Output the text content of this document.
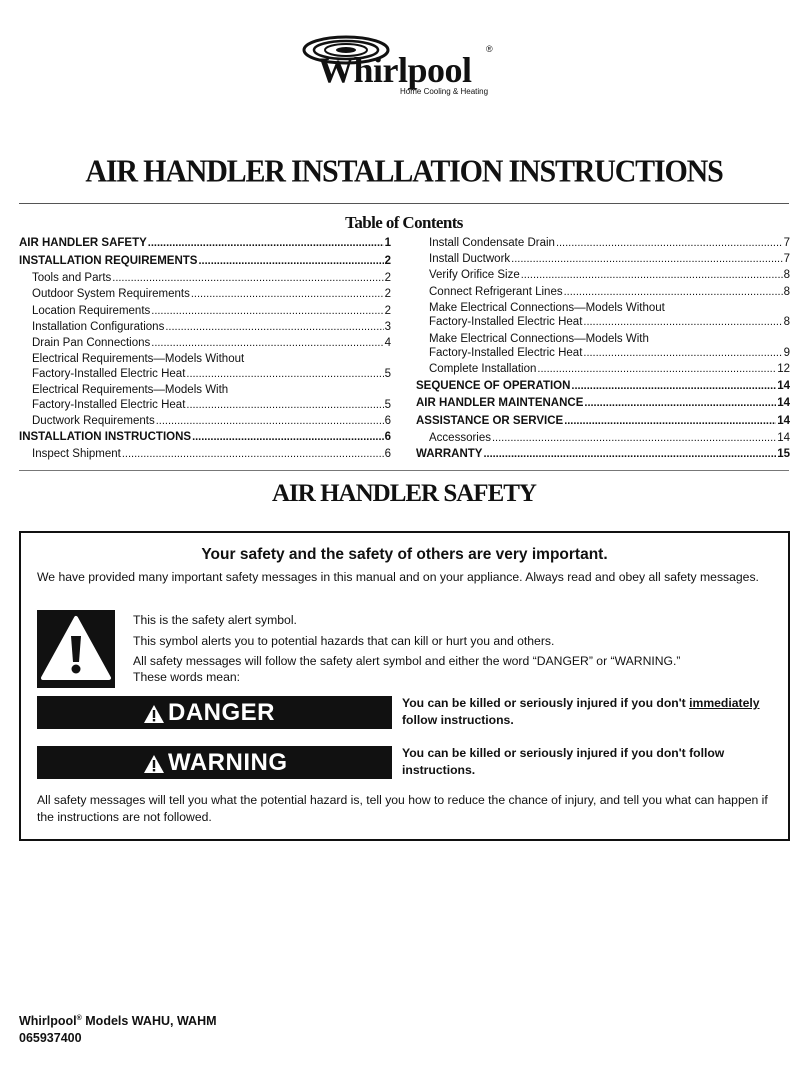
Whirlpool
®
Home Cooling & Heating
AIR HANDLER INSTALLATION INSTRUCTIONS
Table of Contents
AIR HANDLER SAFETY .....	1
INSTALLATION REQUIREMENTS .....	2
Tools and Parts .....	2
Outdoor System Requirements .....	2
Location Requirements .....	2
Installation Configurations .....	3
Drain Pan Connections .....	4
Electrical Requirements—Models Without
Factory-Installed Electric Heat .....	5
Electrical Requirements—Models With
Factory-Installed Electric Heat .....	5
Ductwork Requirements .....	6
INSTALLATION INSTRUCTIONS .....	6
Inspect Shipment .....	6
Install Condensate Drain .....	7
Install Ductwork .....	7
Verify Orifice Size .....	8
Connect Refrigerant Lines .....	8
Make Electrical Connections—Models Without
Factory-Installed Electric Heat .....	8
Make Electrical Connections—Models With
Factory-Installed Electric Heat .....	9
Complete Installation .....	12
SEQUENCE OF OPERATION .....	14
AIR HANDLER MAINTENANCE .....	14
ASSISTANCE OR SERVICE .....	14
Accessories .....	14
WARRANTY .....	15
AIR HANDLER SAFETY
Your safety and the safety of others are very important.
We have provided many important safety messages in this manual and on your appliance. Always read and obey all safety messages.
This is the safety alert symbol.
This symbol alerts you to potential hazards that can kill or hurt you and others.
All safety messages will follow the safety alert symbol and either the word “DANGER” or “WARNING.”
These words mean:
DANGER	You can be killed or seriously injured if you don't immediately follow instructions.
WARNING	You can be killed or seriously injured if you don't follow instructions.
All safety messages will tell you what the potential hazard is, tell you how to reduce the chance of injury, and tell you what can happen if the instructions are not followed.
Whirlpool® Models WAHU, WAHM
065937400
